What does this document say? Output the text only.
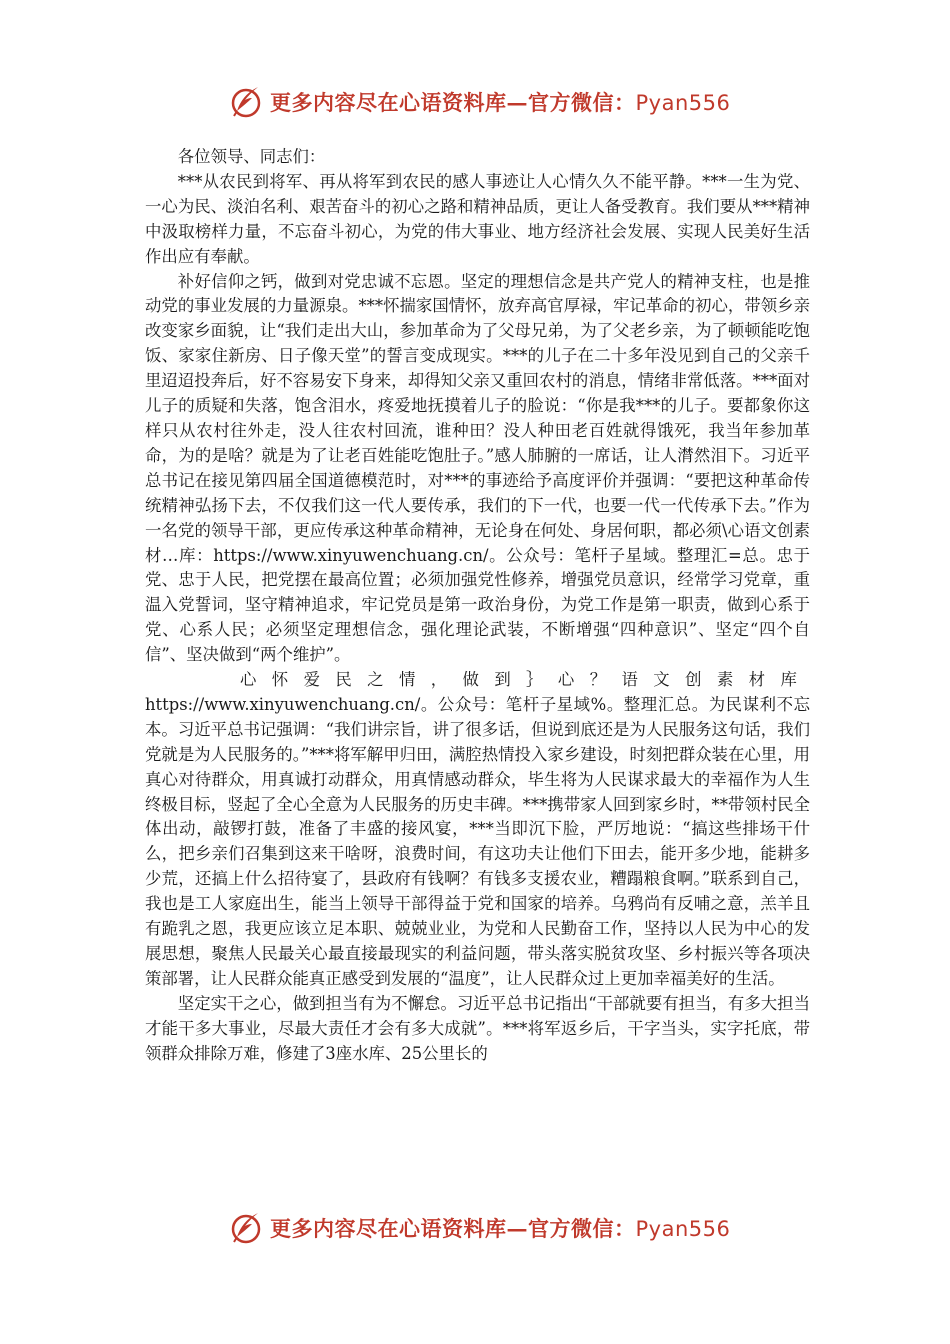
更多内容尽在心语资料库—官方微信：Pyan556

各位领导、同志们：

***从农民到将军、再从将军到农民的感人事迹让人心情久久不能平静。***一生为党、一心为民、淡泊名利、艰苦奋斗的初心之路和精神品质，更让人备受教育。我们要从***精神中汲取榜样力量，不忘奋斗初心，为党的伟大事业、地方经济社会发展、实现人民美好生活作出应有奉献。

补好信仰之钙，做到对党忠诚不忘恩。坚定的理想信念是共产党人的精神支柱，也是推动党的事业发展的力量源泉。***怀揣家国情怀，放弃高官厚禄，牢记革命的初心，带领乡亲改变家乡面貌，让“我们走出大山，参加革命为了父母兄弟，为了父老乡亲，为了顿顿能吃饱饭、家家住新房、日子像天堂”的誓言变成现实。***的儿子在二十多年没见到自己的父亲千里迢迢投奔后，好不容易安下身来，却得知父亲又重回农村的消息，情绪非常低落。***面对儿子的质疑和失落，饱含泪水，疼爱地抚摸着儿子的脸说：“你是我***的儿子。要都象你这样只从农村往外走，没人往农村回流，谁种田？没人种田老百姓就得饿死，我当年参加革命，为的是啥？就是为了让老百姓能吃饱肚子。”感人肺腑的一席话，让人潸然泪下。习近平总书记在接见第四届全国道德模范时，对***的事迹给予高度评价并强调：“要把这种革命传统精神弘扬下去，不仅我们这一代人要传承，我们的下一代，也要一代一代传承下去。”作为一名党的领导干部，更应传承这种革命精神，无论身在何处、身居何职，都必须\心语文创素材…库：https://www.xinyuwenchuang.cn/。公众号：笔杆子星域。整理汇=总。忠于党、忠于人民，把党摆在最高位置；必须加强党性修养，增强党员意识，经常学习党章，重温入党誓词，坚守精神追求，牢记党员是第一政治身份，为党工作是第一职责，做到心系于党、心系人民；必须坚定理想信念，强化理论武装，不断增强“四种意识”、坚定“四个自信”、坚决做到“两个维护”。

心怀爱民之情，做到｝心？语文创素材库

https://www.xinyuwenchuang.cn/。公众号：笔杆子星域%。整理汇总。为民谋利不忘本。习近平总书记强调：“我们讲宗旨，讲了很多话，但说到底还是为人民服务这句话，我们党就是为人民服务的。”***将军解甲归田，满腔热情投入家乡建设，时刻把群众装在心里，用真心对待群众，用真诚打动群众，用真情感动群众，毕生将为人民谋求最大的幸福作为人生终极目标，竖起了全心全意为人民服务的历史丰碑。***携带家人回到家乡时，**带领村民全体出动，敲锣打鼓，准备了丰盛的接风宴，***当即沉下脸，严厉地说：“搞这些排场干什么，把乡亲们召集到这来干啥呀，浪费时间，有这功夫让他们下田去，能开多少地，能耕多少荒，还搞上什么招待宴了，县政府有钱啊？有钱多支援农业，糟蹋粮食啊。”联系到自己，我也是工人家庭出生，能当上领导干部得益于党和国家的培养。乌鸦尚有反哺之意，羔羊且有跪乳之恩，我更应该立足本职、兢兢业业，为党和人民勤奋工作，坚持以人民为中心的发展思想，聚焦人民最关心最直接最现实的利益问题，带头落实脱贫攻坚、乡村振兴等各项决策部署，让人民群众能真正感受到发展的“温度”，让人民群众过上更加幸福美好的生活。

坚定实干之心，做到担当有为不懈怠。习近平总书记指出“干部就要有担当，有多大担当才能干多大事业，尽最大责任才会有多大成就”。***将军返乡后，干字当头，实字托底，带领群众排除万难，修建了3座水库、25公里长的

更多内容尽在心语资料库—官方微信：Pyan556
